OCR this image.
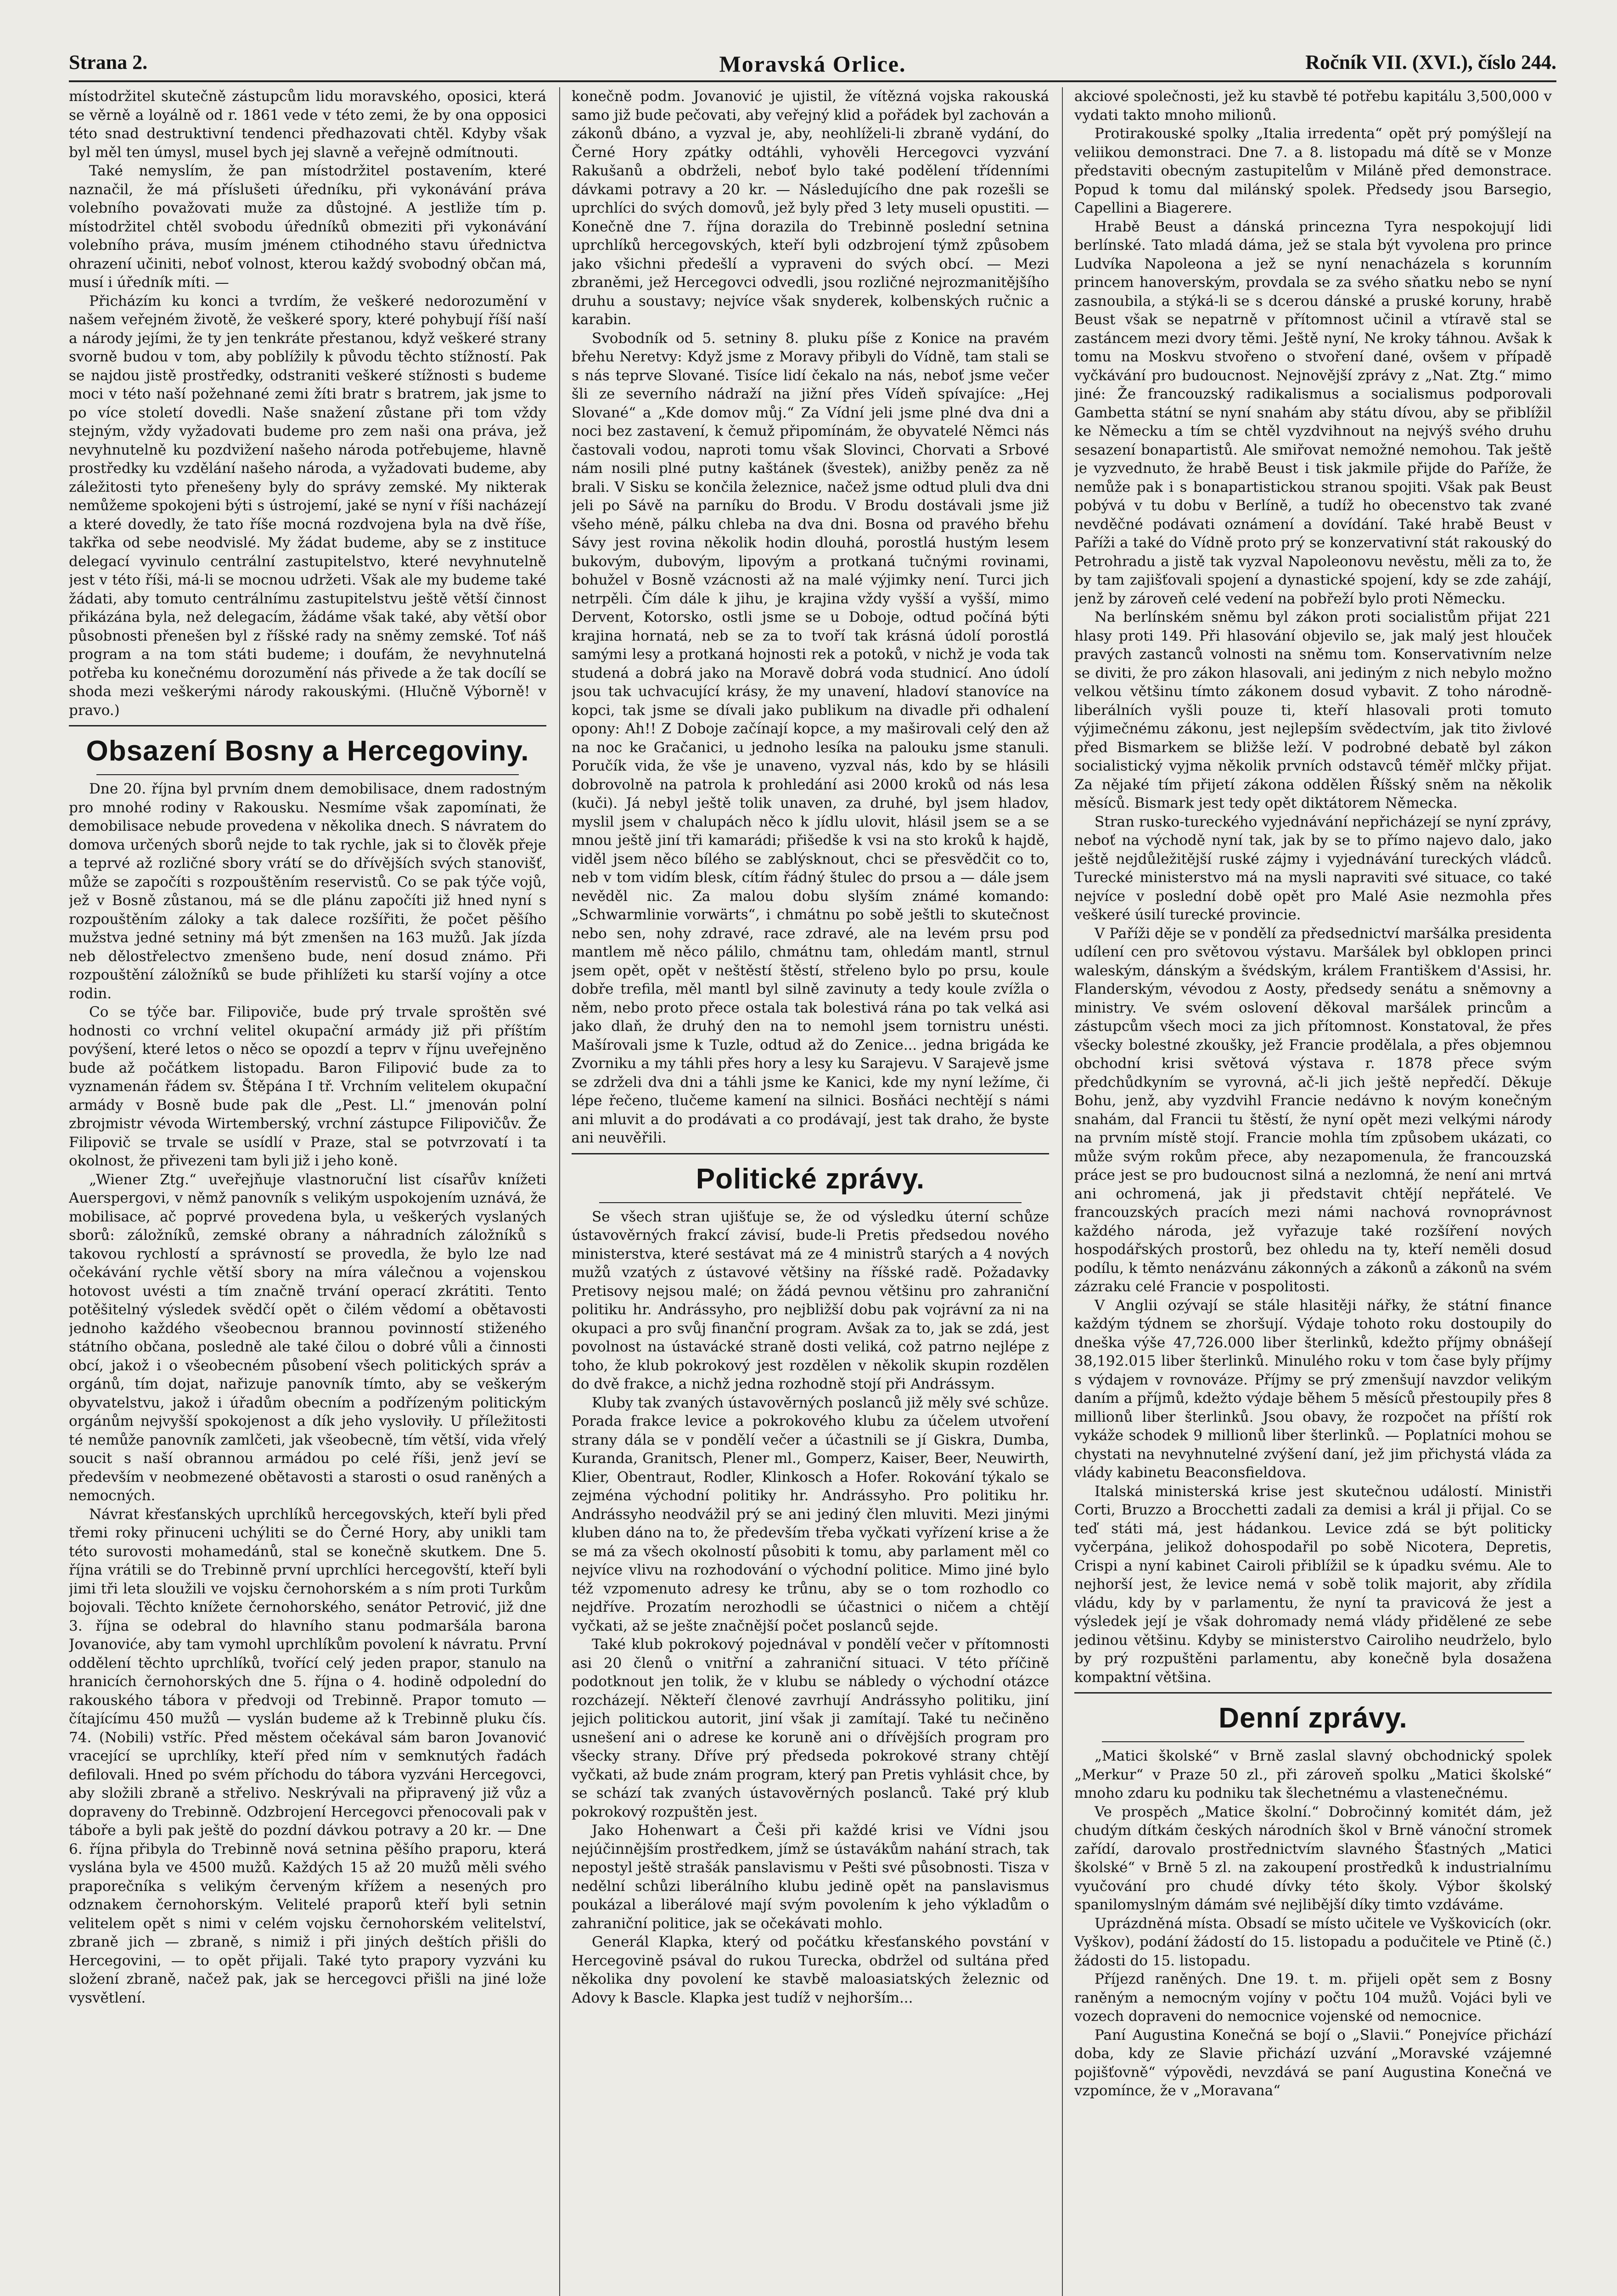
Moravská Orlice.
Strana 2.	Ročník VII. (XVI.), číslo 244.

místodržitel skutečně zástupcům lidu moravského, oposici, která se věrně a loyálně od r. 1861 vede v této zemi, že by ona opposici této snad destruktivní tendenci předhazovati chtěl. Kdyby však byl měl ten úmysl, musel bych jej slavně a veřejně odmítnouti.

Také nemyslím, že pan místodržitel postavením, které naznačil, že má příslušeti úředníku, při vykonávání práva volebního považovati muže za důstojné. A jestliže tím p. místodržitel chtěl svobodu úředníků obmeziti při vykonávání volebního práva, musím jménem ctihodného stavu úřednictva ohrazení učiniti, neboť volnost, kterou každý svobodný občan má, musí i úředník míti. —

Přicházím ku konci a tvrdím, že veškeré nedorozumění v našem veřejném životě, že veškeré spory, které pohybují říší naší a národy jejími, že ty jen tenkráte přestanou, když veškeré strany svorně budou v tom, aby poblížily k původu těchto stížností. Pak se najdou jistě prostředky, odstraniti veškeré stížnosti s budeme moci v této naší požehnané zemi žíti bratr s bratrem, jak jsme to po více století dovedli. Naše snažení zůstane při tom vždy stejným, vždy vyžadovati budeme pro zem naši ona práva, jež nevyhnutelně ku pozdvižení našeho národa potřebujeme, hlavně prostředky ku vzdělání našeho národa, a vyžadovati budeme, aby záležitosti tyto přenešeny byly do správy zemské. My nikterak nemůžeme spokojeni býti s ústrojemí, jaké se nyní v říši nacházejí a které dovedly, že tato říše mocná rozdvojena byla na dvě říše, takřka od sebe neodvislé. My žádat budeme, aby se z instituce delegací vyvinulo centrální zastupitelstvo, které nevyhnutelně jest v této říši, má-li se mocnou udržeti. Však ale my budeme také žádati, aby tomuto centrálnímu zastupitelstvu ještě větší činnost přikázána byla, než delegacím, žádáme však také, aby větší obor působnosti přenešen byl z říšské rady na sněmy zemské. Toť náš program a na tom státi budeme; i doufám, že nevyhnutelná potřeba ku konečnému dorozumění nás přivede a že tak docílí se shoda mezi veškerými národy rakouskými. (Hlučně Výborně! v pravo.)

Obsazení Bosny a Hercegoviny.

Dne 20. října byl prvním dnem demobilisace, dnem radostným pro mnohé rodiny v Rakousku. Nesmíme však zapomínati, že demobilisace nebude provedena v několika dnech. S návratem do domova určených sborů nejde to tak rychle, jak si to člověk přeje a teprvé až rozličné sbory vrátí se do dřívějších svých stanovišť, může se započíti s rozpouštěním reservistů. Co se pak týče vojů, jež v Bosně zůstanou, má se dle plánu započíti již hned nyní s rozpouštěním záloky a tak dalece rozšířiti, že počet pěšího mužstva jedné setniny má být zmenšen na 163 mužů. Jak jízda neb dělostřelectvo zmenšeno bude, není dosud známo. Při rozpouštění záložníků se bude přihlížeti ku starší vojíny a otce rodin.

Co se týče bar. Filipoviče, bude prý trvale sproštěn své hodnosti co vrchní velitel okupační armády již při příštím povýšení, které letos o něco se opozdí a teprv v říjnu uveřejněno bude až počátkem listopadu. Baron Filipović bude za to vyznamenán řádem sv. Štěpána I tř. Vrchním velitelem okupační armády v Bosně bude pak dle „Pest. Ll.“ jmenován polní zbrojmistr vévoda Wirtemberský, vrchní zástupce Filipovičův. Že Filipovič se trvale se usídlí v Praze, stal se potvrzovatí i ta okolnost, že přivezeni tam byli již i jeho koně.

„Wiener Ztg.“ uveřejňuje vlastnoruční list císařův knížeti Auerspergovi, v němž panovník s velikým uspokojením uznává, že mobilisace, ač poprvé provedena byla, u veškerých vyslaných sborů: záložníků, zemské obrany a náhradních záložníků s takovou rychlostí a správností se provedla, že bylo lze nad očekávání rychle větší sbory na míra válečnou a vojenskou hotovost uvésti a tím značně trvání operací zkrátiti. Tento potěšitelný výsledek svědčí opět o čilém vědomí a obětavosti jednoho každého všeobecnou brannou povinností stiženého státního občana, posledně ale také čilou o dobré vůli a činnosti obcí, jakož i o všeobecném působení všech politických správ a orgánů, tím dojat, nařizuje panovník tímto, aby se veškerým obyvatelstvu, jakož i úřadům obecním a podřízeným politickým orgánům nejvyšší spokojenost a dík jeho vysloviły. U příležitosti té nemůže panovník zamlčeti, jak všeobecně, tím větší, vida vřelý soucit s naší obrannou armádou po celé říši, jenž jeví se především v neobmezené obětavosti a starosti o osud raněných a nemocných.

Návrat křesťanských uprchlíků hercegovských, kteří byli před třemi roky přinuceni uchýliti se do Černé Hory, aby unikli tam této surovosti mohamedánů, stal se konečně skutkem. Dne 5. října vrátili se do Trebinně první uprchlíci hercegovští, kteří byli jimi tři leta sloužili ve vojsku černohorském a s ním proti Turkům bojovali. Těchto knížete černohorského, senátor Petrović, již dne 3. října se odebral do hlavního stanu podmaršála barona Jovanoviće, aby tam vymohl uprchlíkům povolení k návratu. První oddělení těchto uprchlíků, tvořící celý jeden prapor, stanulo na hranicích černohorských dne 5. října o 4. hodině odpolední do rakouského tábora v předvoji od Trebinně. Prapor tomuto — čítajícímu 450 mužů — vyslán budeme až k Trebinně pluku čís. 74. (Nobili) vstříc. Před městem očekával sám baron Jovanović vracející se uprchlíky, kteří před ním v semknutých řadách defilovali. Hned po svém příchodu do tábora vyzváni Hercegovci, aby složili zbraně a střelivo. Neskrývali na připravený již vůz a dopraveny do Trebinně. Odzbrojení Hercegovci přenocovali pak v táboře a byli pak ještě do pozdní dávkou potravy a 20 kr. — Dne 6. října přibyla do Trebinně nová setnina pěšího praporu, která vyslána byla ve 4500 mužů. Každých 15 až 20 mužů měli svého praporečníka s velikým červeným křížem a nesených pro odznakem černohorským. Velitelé praporů kteří byli setnin velitelem opět s nimi v celém vojsku černohorském velitelství, zbraně jich — zbraně, s nimiž i při jiných deštích přišli do Hercegovini, — to opět přijali. Také tyto prapory vyzváni ku složení zbraně, načež pak, jak se hercegovci přišli na jiné lože vysvětlení.

konečně podm. Jovanović je ujistil, že vítězná vojska rakouská samo již bude pečovati, aby veřejný klid a pořádek byl zachován a zákonů dbáno, a vyzval je, aby, neohlíželi-li zbraně vydání, do Černé Hory zpátky odtáhli, vyhověli Hercegovci vyzvání Rakušanů a obdrželi, neboť bylo také podělení třídenními dávkami potravy a 20 kr. — Následujícího dne pak rozešli se uprchlíci do svých domovů, jež byly před 3 lety museli opustiti. — Konečně dne 7. října dorazila do Trebinně poslední setnina uprchlíků hercegovských, kteří byli odzbrojení týmž způsobem jako všichni předešlí a vypraveni do svých obcí. — Mezi zbraněmi, jež Hercegovci odvedli, jsou rozličné nejrozmanitějšího druhu a soustavy; nejvíce však snyderek, kolbenských ručnic a karabin.

Svobodník od 5. setniny 8. pluku píše z Konice na pravém břehu Neretvy: Když jsme z Moravy přibyli do Vídně, tam stali se s nás teprve Slované. Tisíce lidí čekalo na nás, neboť jsme večer šli ze severního nádraží na jižní přes Vídeň spívajíce: „Hej Slované“ a „Kde domov můj.“ Za Vídní jeli jsme plné dva dni a noci bez zastavení, k čemuž připomínám, že obyvatelé Němci nás častovali vodou, naproti tomu však Slovinci, Chorvati a Srbové nám nosili plné putny kaštánek (švestek), anižby peněz za ně brali. V Sisku se končila železnice, načež jsme odtud pluli dva dni jeli po Sávě na parníku do Brodu. V Brodu dostávali jsme již všeho méně, pálku chleba na dva dni. Bosna od pravého břehu Sávy jest rovina několik hodin dlouhá, porostlá hustým lesem bukovým, dubovým, lipovým a protkaná tučnými rovinami, bohužel v Bosně vzácnosti až na malé výjimky není. Turci jich netrpěli. Čím dále k jihu, je krajina vždy vyšší a vyšší, mimo Dervent, Kotorsko, ostli jsme se u Doboje, odtud počíná býti krajina hornatá, neb se za to tvoří tak krásná údolí porostlá samými lesy a protkaná hojnosti rek a potoků, v nichž je voda tak studená a dobrá jako na Moravě dobrá voda studnicí. Ano údolí jsou tak uchvacující krásy, že my unavení, hladoví stanovíce na kopci, tak jsme se dívali jako publikum na divadle při odhalení opony: Ah!! Z Doboje začínají kopce, a my maširovali celý den až na noc ke Gračanici, u jednoho lesíka na palouku jsme stanuli. Poručík vida, že vše je unaveno, vyzval nás, kdo by se hlásili dobrovolně na patrola k prohledání asi 2000 kroků od nás lesa (kuči). Já nebyl ještě tolik unaven, za druhé, byl jsem hladov, myslil jsem v chalupách něco k jídlu ulovit, hlásil jsem se a se mnou ještě jiní tři kamarádi; přišedše k vsi na sto kroků k hajdě, viděl jsem něco bílého se zablýsknout, chci se přesvědčit co to, neb v tom vidím blesk, cítím řádný štulec do prsou a — dále jsem nevěděl nic. Za malou dobu slyším známé komando: „Schwarmlinie vorwärts“, i chmátnu po sobě ještli to skutečnost nebo sen, nohy zdravé, race zdravé, ale na levém prsu pod mantlem mě něco pálilo, chmátnu tam, ohledám mantl, strnul jsem opět, opět v neštěstí štěstí, střeleno bylo po prsu, koule dobře trefila, měl mantl byl silně zavinuty a tedy koule zvížla o něm, nebo proto přece ostala tak bolestivá rána po tak velká asi jako dlaň, že druhý den na to nemohl jsem tornistru unésti. Mašírovali jsme k Tuzle, odtud až do Zenice... jedna brigáda ke Zvorniku a my táhli přes hory a lesy ku Sarajevu. V Sarajevě jsme se zdrželi dva dni a táhli jsme ke Kanici, kde my nyní ležíme, či lépe řečeno, tlučeme kamení na silnici. Bosňáci nechtějí s námi ani mluvit a do prodávati a co prodávají, jest tak draho, že byste ani neuvěřili.

Politické zprávy.

Se všech stran ujišťuje se, že od výsledku úterní schůze ústavověrných frakcí závisí, bude-li Pretis předsedou nového ministerstva, které sestávat má ze 4 ministrů starých a 4 nových mužů vzatých z ústavové většiny na říšské radě. Požadavky Pretisovy nejsou malé; on žádá pevnou většinu pro zahraniční politiku hr. Andrássyho, pro nejbližší dobu pak vojrávní za ni na okupaci a pro svůj finanční program. Avšak za to, jak se zdá, jest povolnost na ústavácké straně dosti veliká, což patrno nejlépe z toho, že klub pokrokový jest rozdělen v několik skupin rozdělen do dvě frakce, a nichž jedna rozhodně stojí při Andrássym.

Kluby tak zvaných ústavověrných poslanců již měly své schůze. Porada frakce levice a pokrokového klubu za účelem utvoření strany dála se v pondělí večer a účastnili se jí Giskra, Dumba, Kuranda, Granitsch, Plener ml., Gomperz, Kaiser, Beer, Neuwirth, Klier, Obentraut, Rodler, Klinkosch a Hofer. Rokování týkalo se zejména východní politiky hr. Andrássyho. Pro politiku hr. Andrássyho neodvážil prý se ani jediný člen mluviti. Mezi jinými kluben dáno na to, že především třeba vyčkati vyřízení krise a že se má za všech okolností působiti k tomu, aby parlament měl co nejvíce vlivu na rozhodování o východní politice. Mimo jiné bylo též vzpomenuto adresy ke trůnu, aby se o tom rozhodlo co nejdříve. Prozatím nerozhodli se účastnici o ničem a chtějí vyčkati, až se ješte značnější počet poslanců sejde.

Také klub pokrokový pojednával v pondělí večer v přítomnosti asi 20 členů o vnitřní a zahraniční situaci. V této příčině podotknout jen tolik, že v klubu se nábledy o východní otázce rozcházejí. Někteří členové zavrhují Andrássyho politiku, jiní jejich politickou autorit, jiní však ji zamítají. Také tu nečiněno usnešení ani o adrese ke koruně ani o dřívějších program pro všecky strany. Dříve prý předseda pokrokové strany chtějí vyčkati, až bude znám program, který pan Pretis vyhlásit chce, by se schází tak zvaných ústavověrných poslanců. Také prý klub pokrokový rozpuštěn jest.

Jako Hohenwart a Češi při každé krisi ve Vídni jsou nejúčinnějším prostředkem, jímž se ústavákům nahání strach, tak nepostyl ještě strašák panslavismu v Pešti své působnosti. Tisza v nedělní schůzi liberálního klubu jedině opět na panslavismus poukázal a liberálové mají svým povolením k jeho výkladům o zahraniční politice, jak se očekávati mohlo.

Generál Klapka, který od počátku křesťanského povstání v Hercegovině psával do rukou Turecka, obdržel od sultána před několika dny povolení ke stavbě maloasiatských železnic od Adovy k Bascle. Klapka jest tudíž v nejhorším...

akciové společnosti, jež ku stavbě té potřebu kapitálu 3,500,000 v vydati takto mnoho milionů.

Protirakouské spolky „Italia irredenta“ opět prý pomýšlejí na veliikou demonstraci. Dne 7. a 8. listopadu má dítě se v Monze představiti obecným zastupitelům v Miláně před demonstrace. Popud k tomu dal milánský spolek. Předsedy jsou Barsegio, Capellini a Biagerere.

Hrabě Beust a dánská princezna Tyra nespokojují lidi berlínské. Tato mladá dáma, jež se stala být vyvolena pro prince Ludvíka Napoleona a jež se nyní nenacházela s korunním princem hanoverským, provdala se za svého sňatku nebo se nyní zasnoubila, a stýká-li se s dcerou dánské a pruské koruny, hrabě Beust však se nepatrně v přítomnost učinil a vtíravě stal se zastáncem mezi dvory těmi. Ještě nyní, Ne kroky táhnou. Avšak k tomu na Moskvu stvořeno o stvoření dané, ovšem v případě vyčkávání pro budoucnost. Nejnovější zprávy z „Nat. Ztg.“ mimo jiné: Že francouzský radikalismus a socialismus podporovali Gambetta státní se nyní snahám aby státu dívou, aby se přiblížil ke Německu a tím se chtěl vyzdvihnout na nejvýš svého druhu sesazení bonapartistů. Ale smiřovat nemožné nemohou. Tak ještě je vyzvednuto, že hrabě Beust i tisk jakmile přijde do Paříže, že nemůže pak i s bonapartistickou stranou spojiti. Však pak Beust pobývá v tu dobu v Berlíně, a tudíž ho obecenstvo tak zvané nevděčné podávati oznámení a dovídání. Také hrabě Beust v Paříži a také do Vídně proto prý se konzervativní stát rakouský do Petrohradu a jistě tak vyzval Napoleonovu nevěstu, měli za to, že by tam zajišťovali spojení a dynastické spojení, kdy se zde zahájí, jenž by zároveň celé vedení na pobřeží bylo proti Německu.

Na berlínském sněmu byl zákon proti socialistům přijat 221 hlasy proti 149. Při hlasování objevilo se, jak malý jest hlouček pravých zastanců volnosti na sněmu tom. Konservativním nelze se diviti, že pro zákon hlasovali, ani jediným z nich nebylo možno velkou většinu tímto zákonem dosud vybavit. Z toho národně-liberálních vyšli pouze ti, kteří hlasovali proti tomuto výjimečnému zákonu, jest nejlepším svědectvím, jak tito živlové před Bismarkem se bližše leží. V podrobné debatě byl zákon socialistický vyjma několik prvních odstavců téměř mlčky přijat. Za nějaké tím přijetí zákona oddělen Říšský sněm na několik měsíců. Bismark jest tedy opět diktátorem Německa.

Stran rusko-tureckého vyjednávání nepřicházejí se nyní zprávy, neboť na východě nyní tak, jak by se to přímo najevo dalo, jako ještě nejdůležitější ruské zájmy i vyjednávání tureckých vládců. Turecké ministerstvo má na mysli napraviti své situace, co také nejvíce v poslední době opět pro Malé Asie nezmohla přes veškeré úsilí turecké provincie.

V Paříži děje se v pondělí za předsednictví maršálka presidenta udílení cen pro světovou výstavu. Maršálek byl obklopen princi waleským, dánským a švédským, králem Františkem d'Assisi, hr. Flanderským, vévodou z Aosty, předsedy senátu a sněmovny a ministry. Ve svém oslovení děkoval maršálek princům a zástupcům všech moci za jich přítomnost. Konstatoval, že přes všecky bolestné zkoušky, jež Francie prodělala, a přes objemnou obchodní krisi světová výstava r. 1878 přece svým předchůdkyním se vyrovná, ač-li jich ještě nepředčí. Děkuje Bohu, jenž, aby vyzdvihl Francie nedávno k novým konečným snahám, dal Francii tu štěstí, že nyní opět mezi velkými národy na prvním místě stojí. Francie mohla tím způsobem ukázati, co může svým rokům přece, aby nezapomenula, že francouzská práce jest se pro budoucnost silná a nezlomná, že není ani mrtvá ani ochromená, jak ji představit chtějí nepřátelé. Ve francouzských pracích mezi námi nachová rovnoprávnost každého národa, jež vyřazuje také rozšíření nových hospodářských prostorů, bez ohledu na ty, kteří neměli dosud podílu, k těmto nenázvánu zákonných a zákonů a zákonů na svém zázraku celé Francie v pospolitosti.

V Anglii ozývají se stále hlasitěji nářky, že státní finance každým týdnem se zhoršují. Výdaje tohoto roku dostoupily do dneška výše 47,726.000 liber šterlinků, kdežto příjmy obnášejí 38,192.015 liber šterlinků. Minulého roku v tom čase byly příjmy s výdajem v rovnováze. Příjmy se prý zmenšují navzdor velikým daním a příjmů, kdežto výdaje během 5 měsíců přestoupily přes 8 millionů liber šterlinků. Jsou obavy, že rozpočet na příští rok vykáže schodek 9 millionů liber šterlinků. — Poplatníci mohou se chystati na nevyhnutelné zvýšení daní, jež jim přichystá vláda za vlády kabinetu Beaconsfieldova.

Italská ministerská krise jest skutečnou událostí. Ministři Corti, Bruzzo a Brocchetti zadali za demisi a král ji přijal. Co se teď státi má, jest hádankou. Levice zdá se být politicky vyčerpána, jelikož dohospodařil po sobě Nicotera, Depretis, Crispi a nyní kabinet Cairoli přiblížil se k úpadku svému. Ale to nejhorší jest, že levice nemá v sobě tolik majorit, aby zřídila vládu, kdy by v parlamentu, že nyní ta pravicová že jest a výsledek její je však dohromady nemá vlády přidělené ze sebe jedinou většinu. Kdyby se ministerstvo Cairoliho neudrželo, bylo by prý rozpuštěni parlamentu, aby konečně byla dosažena kompaktní většina.

Denní zprávy.

„Matici školské“ v Brně zaslal slavný obchodnický spolek „Merkur“ v Praze 50 zl., při zároveň spolku „Matici školské“ mnoho zdaru ku podniku tak šlechetnému a vlastenečnému.

Ve prospěch „Matice školní.“ Dobročinný komitét dám, jež chudým dítkám českých národních škol v Brně vánoční stromek zařídí, darovalo prostřednictvím slavného Šťastných „Matici školské“ v Brně 5 zl. na zakoupení prostředků k industrialnímu vyučování pro chudé dívky této školy. Výbor školský spanilomyslným dámám své nejlibější díky timto vzdáváme.

Uprázdněná místa. Obsadí se místo učitele ve Vyškovicích (okr. Vyškov), podání žádostí do 15. listopadu a podučitele ve Ptině (č.) žádosti do 15. listopadu.

Příjezd raněných. Dne 19. t. m. přijeli opět sem z Bosny raněným a nemocným vojíny v počtu 104 mužů. Vojáci byli ve vozech dopraveni do nemocnice vojenské od nemocnice.

Paní Augustina Konečná se bojí o „Slavii.“ Ponejvíce přichází doba, kdy ze Slavie přichází uzvání „Moravské vzájemné pojišťovně“ výpovědi, nevzdává se paní Augustina Konečná ve vzpomínce, že v „Moravana“
